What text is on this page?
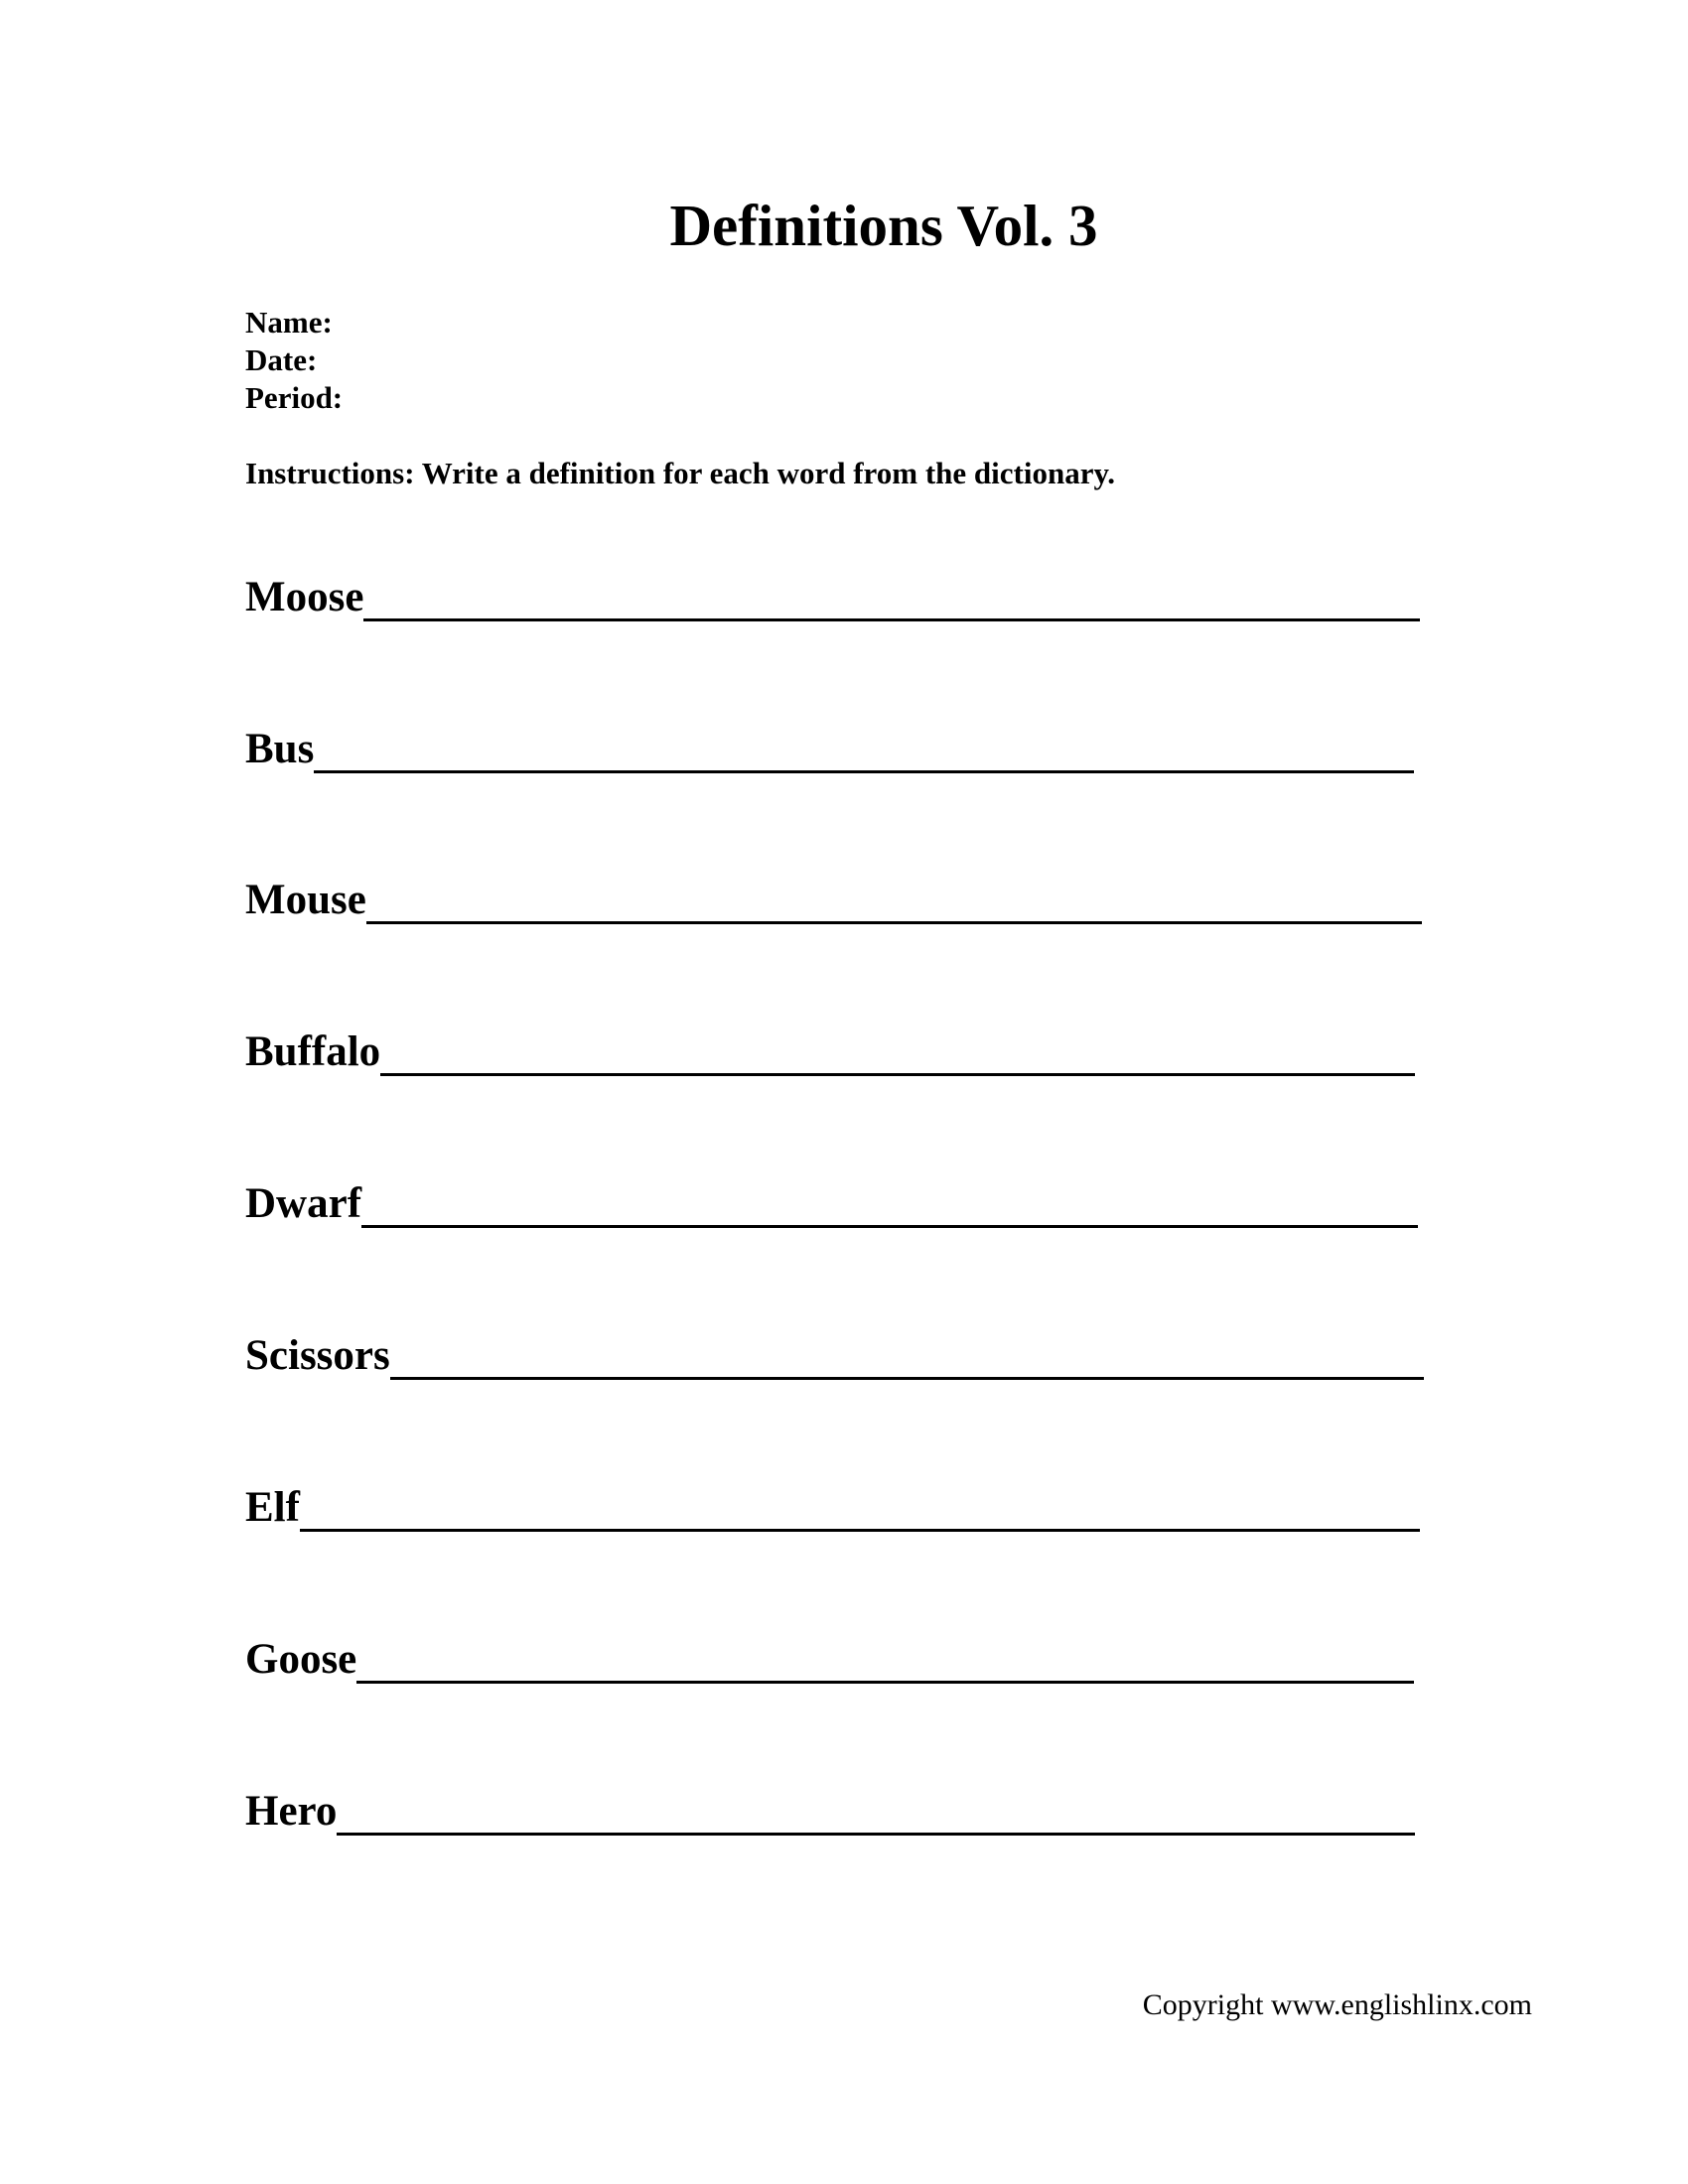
Definitions Vol. 3
Name:
Date:
Period:

Instructions: Write a definition for each word from the dictionary.

Moose
Bus
Mouse
Buffalo
Dwarf
Scissors
Elf
Goose
Hero
Copyright www.englishlinx.com
